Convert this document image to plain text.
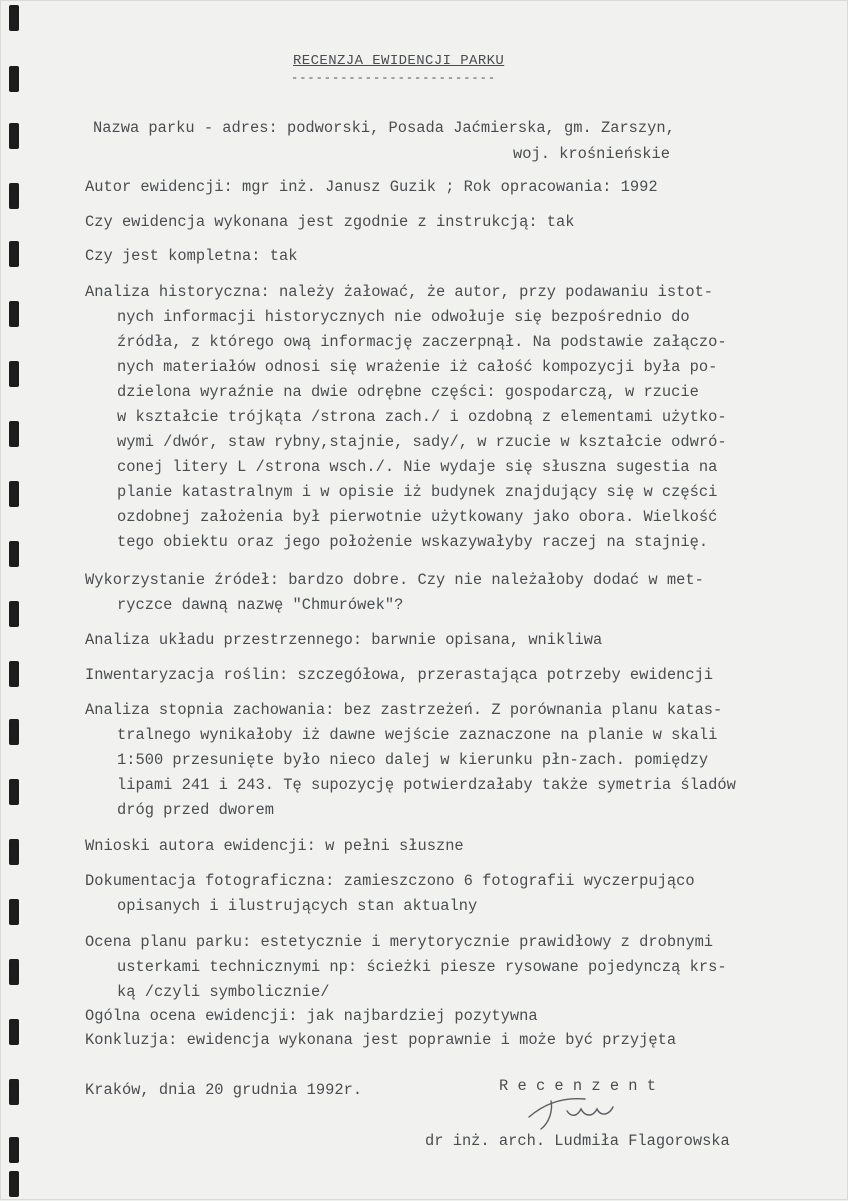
RECENZJA EWIDENCJI PARKU
-------------------------
Nazwa parku - adres: podworski, Posada Jaćmierska, gm. Zarszyn,
woj. krośnieńskie
Autor ewidencji: mgr inż. Janusz Guzik ; Rok opracowania: 1992
Czy ewidencja wykonana jest zgodnie z instrukcją: tak
Czy jest kompletna: tak
Analiza historyczna: należy żałować, że autor, przy podawaniu istot-
nych informacji historycznych nie odwołuje się bezpośrednio do
źródła, z którego ową informację zaczerpnął. Na podstawie załączo-
nych materiałów odnosi się wrażenie iż całość kompozycji była po-
dzielona wyraźnie na dwie odrębne części: gospodarczą, w rzucie
w kształcie trójkąta /strona zach./ i ozdobną z elementami użytko-
wymi /dwór, staw rybny,stajnie, sady/, w rzucie w kształcie odwró-
conej litery L /strona wsch./. Nie wydaje się słuszna sugestia na
planie katastralnym i w opisie iż budynek znajdujący się w części
ozdobnej założenia był pierwotnie użytkowany jako obora. Wielkość
tego obiektu oraz jego położenie wskazywałyby raczej na stajnię.
Wykorzystanie źródeł: bardzo dobre. Czy nie należałoby dodać w met-
ryczce dawną nazwę "Chmurówek"?
Analiza układu przestrzennego: barwnie opisana, wnikliwa
Inwentaryzacja roślin: szczegółowa, przerastająca potrzeby ewidencji
Analiza stopnia zachowania: bez zastrzeżeń. Z porównania planu katas-
tralnego wynikałoby iż dawne wejście zaznaczone na planie w skali
1:500 przesunięte było nieco dalej w kierunku płn-zach. pomiędzy
lipami 241 i 243. Tę supozycję potwierdzałaby także symetria śladów
dróg przed dworem
Wnioski autora ewidencji: w pełni słuszne
Dokumentacja fotograficzna: zamieszczono 6 fotografii wyczerpująco
opisanych i ilustrujących stan aktualny
Ocena planu parku: estetycznie i merytorycznie prawidłowy z drobnymi
usterkami technicznymi np: ścieżki piesze rysowane pojedynczą krs-
ką /czyli symbolicznie/
Ogólna ocena ewidencji: jak najbardziej pozytywna
Konkluzja: ewidencja wykonana jest poprawnie i może być przyjęta
Kraków, dnia 20 grudnia 1992r.	R e c e n z e n t
dr inż. arch. Ludmiła Flagorowska
